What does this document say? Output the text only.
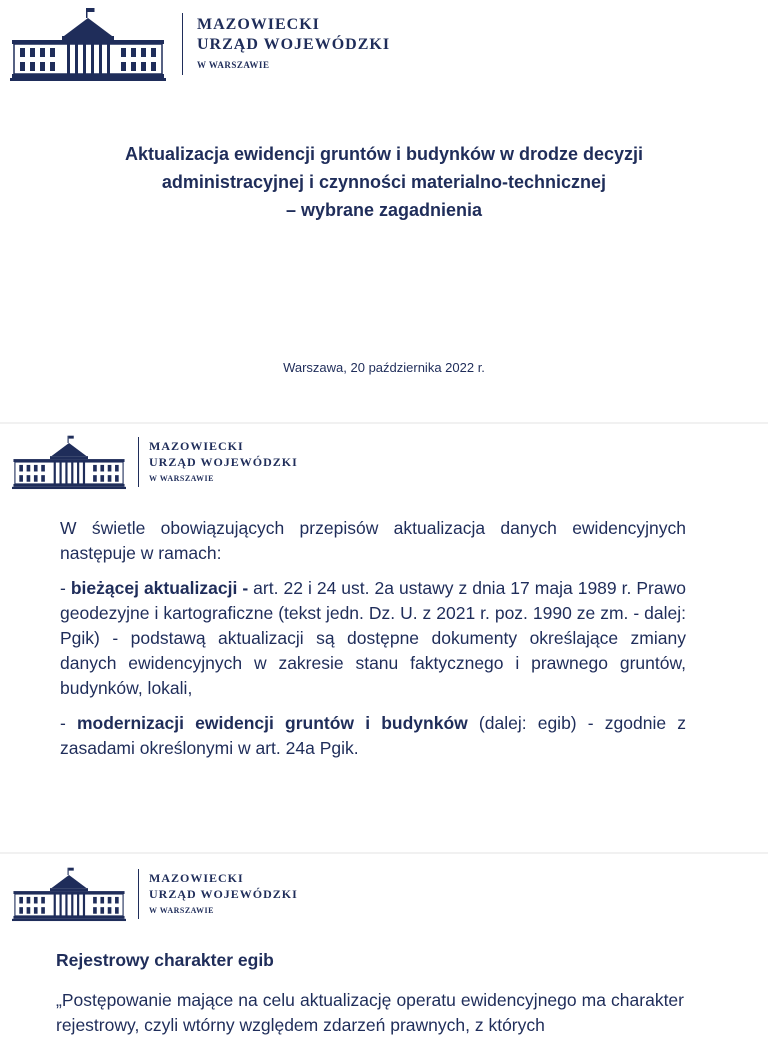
MAZOWIECKI
URZĄD WOJEWÓDZKI
W WARSZAWIE
Aktualizacja ewidencji gruntów i budynków w drodze decyzji
administracyjnej i czynności materialno-technicznej
– wybrane zagadnienia
Warszawa, 20 października 2022 r.
MAZOWIECKI
URZĄD WOJEWÓDZKI
W WARSZAWIE

W świetle obowiązujących przepisów aktualizacja danych ewidencyjnych następuje w ramach:

- bieżącej aktualizacji - art. 22 i 24 ust. 2a ustawy z dnia 17 maja 1989 r. Prawo geodezyjne i kartograficzne (tekst jedn. Dz. U. z 2021 r. poz. 1990 ze zm. - dalej: Pgik) - podstawą aktualizacji są dostępne dokumenty określające zmiany danych ewidencyjnych w zakresie stanu faktycznego i prawnego gruntów, budynków, lokali,

- modernizacji ewidencji gruntów i budynków (dalej: egib) - zgodnie z zasadami określonymi w art. 24a Pgik.

MAZOWIECKI
URZĄD WOJEWÓDZKI
W WARSZAWIE
Rejestrowy charakter egib
„Postępowanie mające na celu aktualizację operatu ewidencyjnego ma charakter rejestrowy, czyli wtórny względem zdarzeń prawnych, z których
